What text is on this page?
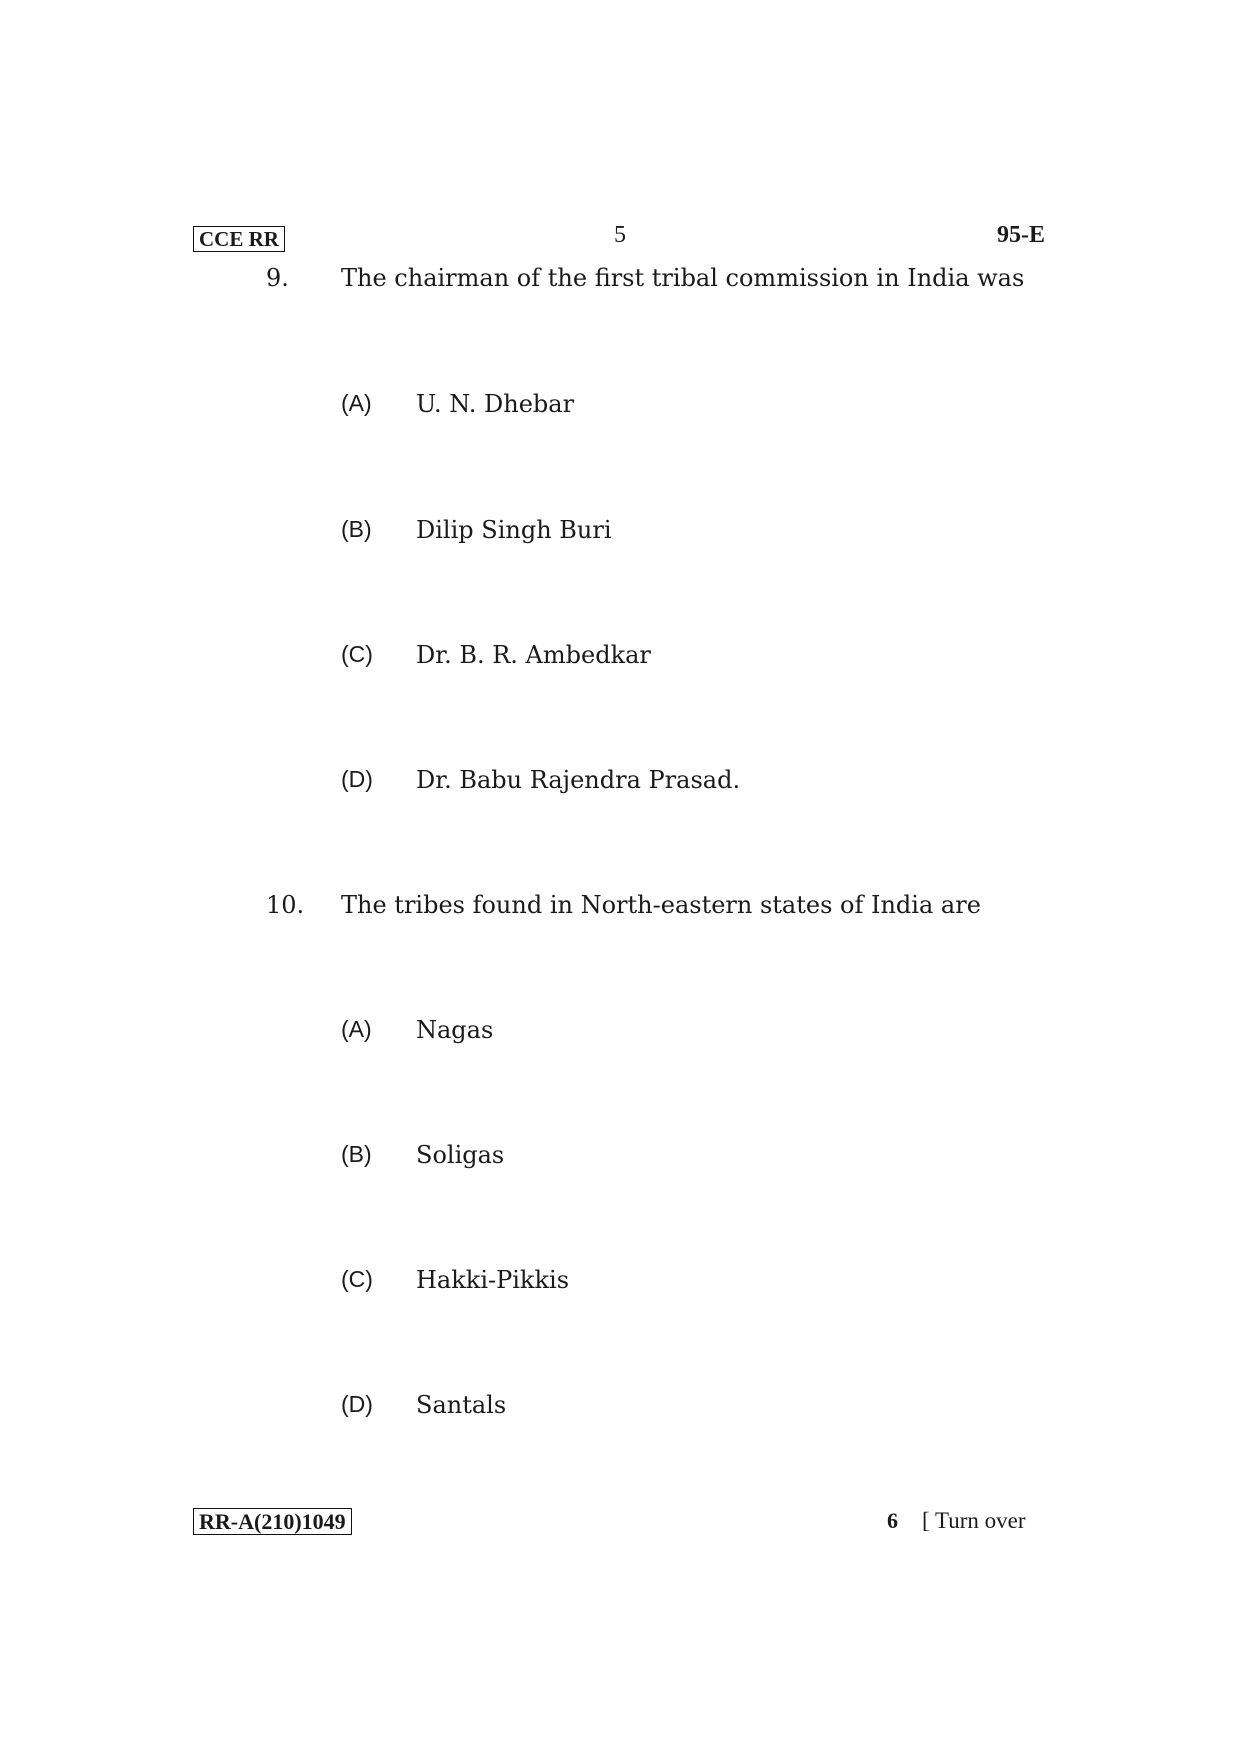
CCE RR	5	95-E
9. The chairman of the first tribal commission in India was
(A) U. N. Dhebar
(B) Dilip Singh Buri
(C) Dr. B. R. Ambedkar
(D) Dr. Babu Rajendra Prasad.
10. The tribes found in North-eastern states of India are
(A) Nagas
(B) Soligas
(C) Hakki-Pikkis
(D) Santals
RR-A(210)1049	6 [ Turn over
